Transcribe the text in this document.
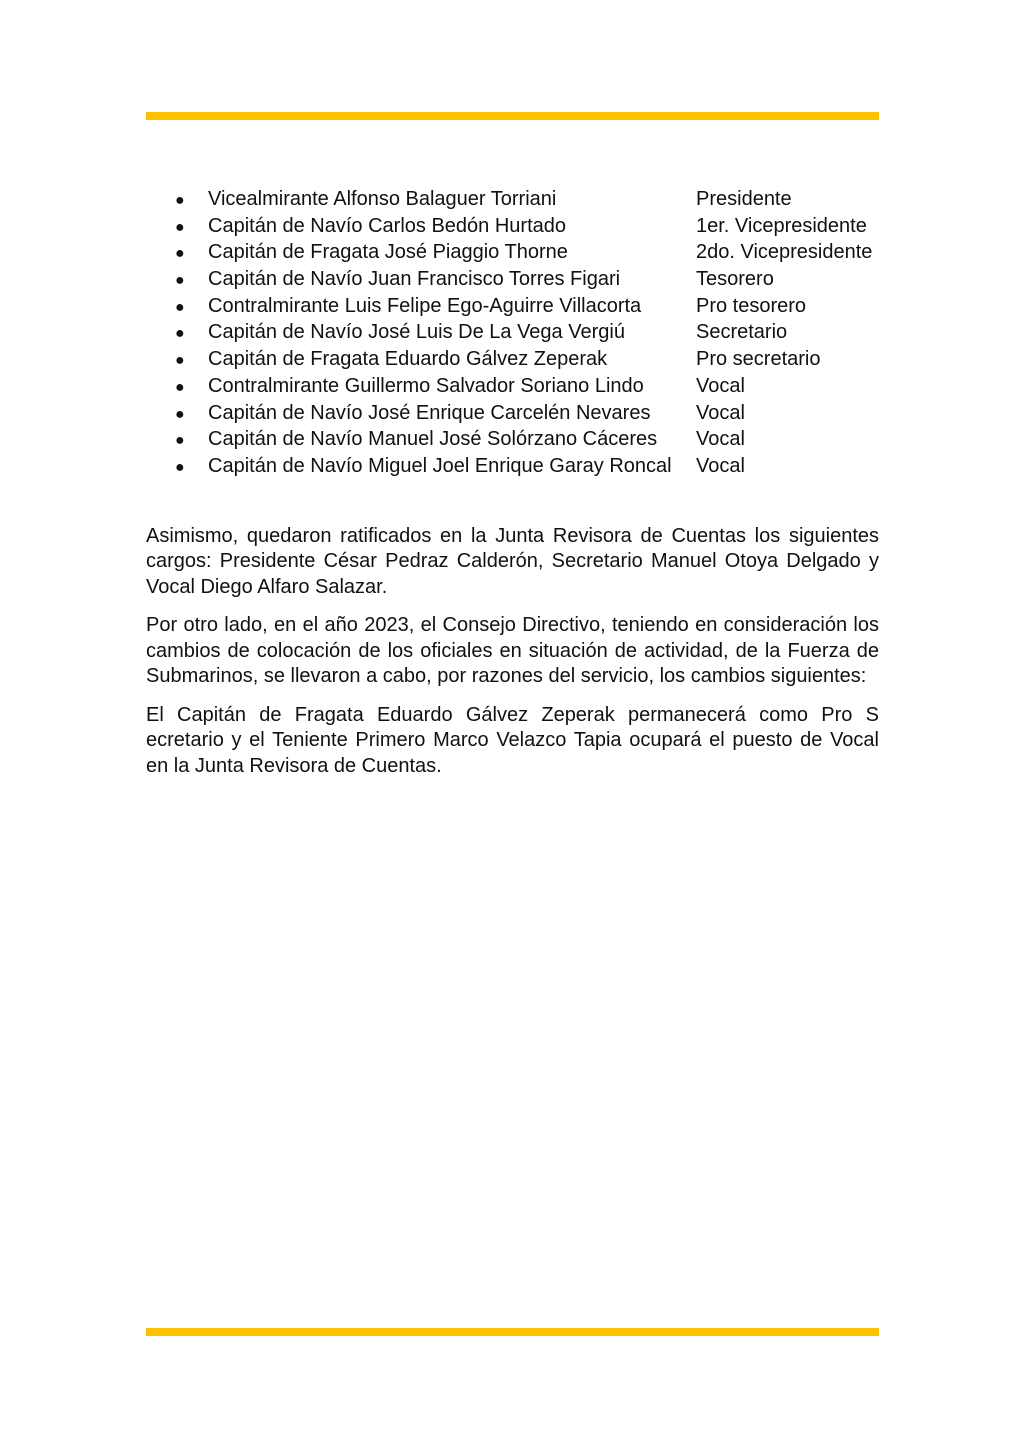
●	Vicealmirante Alfonso Balaguer Torriani	Presidente
●	Capitán de Navío Carlos Bedón Hurtado	1er. Vicepresidente
●	Capitán de Fragata José Piaggio Thorne	2do. Vicepresidente
●	Capitán de Navío Juan Francisco Torres Figari	Tesorero
●	Contralmirante Luis Felipe Ego-Aguirre Villacorta	Pro tesorero
●	Capitán de Navío José Luis De La Vega Vergiú	Secretario
●	Capitán de Fragata Eduardo Gálvez Zeperak	Pro secretario
●	Contralmirante Guillermo Salvador Soriano Lindo	Vocal
●	Capitán de Navío José Enrique Carcelén Nevares	Vocal
●	Capitán de Navío Manuel José Solórzano Cáceres	Vocal
●	Capitán de Navío Miguel Joel Enrique Garay Roncal	Vocal

Asimismo, quedaron ratificados en la Junta Revisora de Cuentas los siguientes cargos: Presidente César Pedraz Calderón, Secretario Manuel Otoya Delgado y Vocal Diego Alfaro Salazar.

Por otro lado, en el año 2023, el Consejo Directivo, teniendo en consideración los cambios de colocación de los oficiales en situación de actividad, de la Fuerza de Submarinos, se llevaron a cabo, por razones del servicio, los cambios siguientes:

El Capitán de Fragata Eduardo Gálvez Zeperak permanecerá como Pro S ecretario y el Teniente Primero Marco Velazco Tapia ocupará el puesto de Vocal en la Junta Revisora de Cuentas.
